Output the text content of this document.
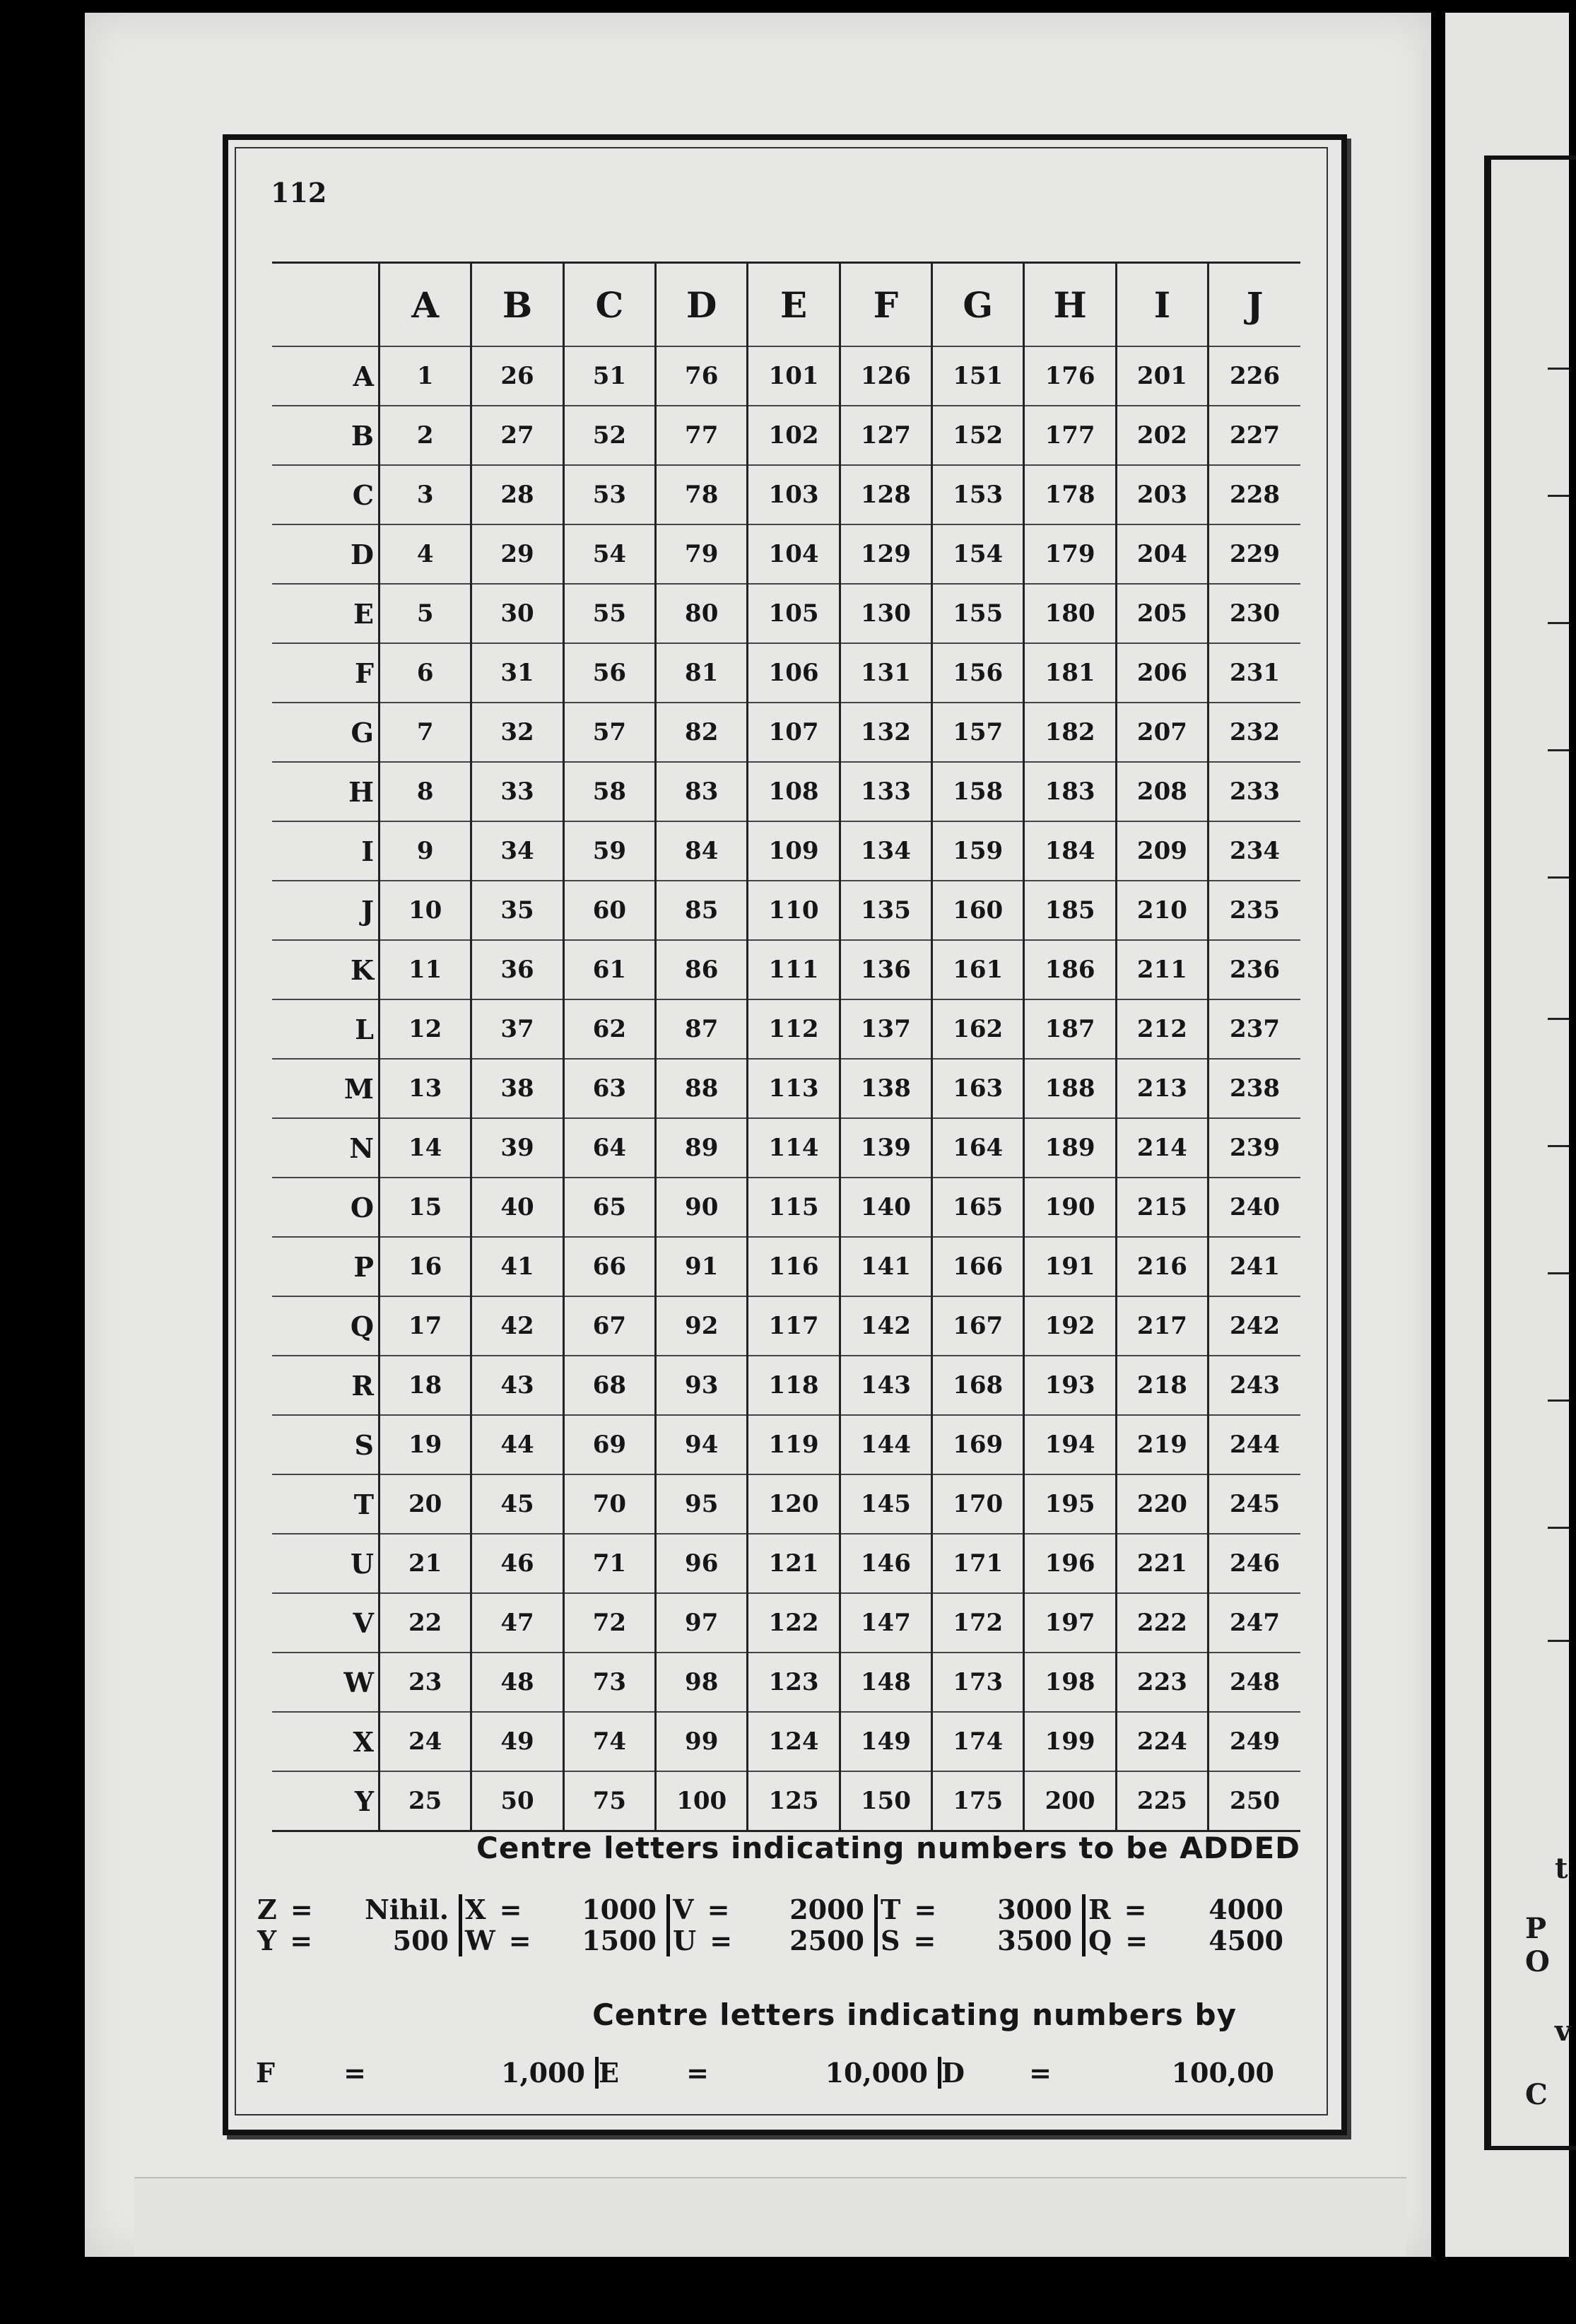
t
P
O
v
C
112
	A	B	C	D	E	F	G	H	I	J
A	1	26	51	76	101	126	151	176	201	226
B	2	27	52	77	102	127	152	177	202	227
C	3	28	53	78	103	128	153	178	203	228
D	4	29	54	79	104	129	154	179	204	229
E	5	30	55	80	105	130	155	180	205	230
F	6	31	56	81	106	131	156	181	206	231
G	7	32	57	82	107	132	157	182	207	232
H	8	33	58	83	108	133	158	183	208	233
I	9	34	59	84	109	134	159	184	209	234
J	10	35	60	85	110	135	160	185	210	235
K	11	36	61	86	111	136	161	186	211	236
L	12	37	62	87	112	137	162	187	212	237
M	13	38	63	88	113	138	163	188	213	238
N	14	39	64	89	114	139	164	189	214	239
O	15	40	65	90	115	140	165	190	215	240
P	16	41	66	91	116	141	166	191	216	241
Q	17	42	67	92	117	142	167	192	217	242
R	18	43	68	93	118	143	168	193	218	243
S	19	44	69	94	119	144	169	194	219	244
T	20	45	70	95	120	145	170	195	220	245
U	21	46	71	96	121	146	171	196	221	246
V	22	47	72	97	122	147	172	197	222	247
W	23	48	73	98	123	148	173	198	223	248
X	24	49	74	99	124	149	174	199	224	249
Y	25	50	75	100	125	150	175	200	225	250
Centre letters indicating numbers to be ADDED
Z =	Nihil.
Y =	500
X =	1000
W =	1500
V =	2000
U =	2500
T =	3000
S =	3500
R =	4000
Q =	4500
Centre letters indicating numbers by
F	=	1,000 E	=	10,000 D	=	100,00
